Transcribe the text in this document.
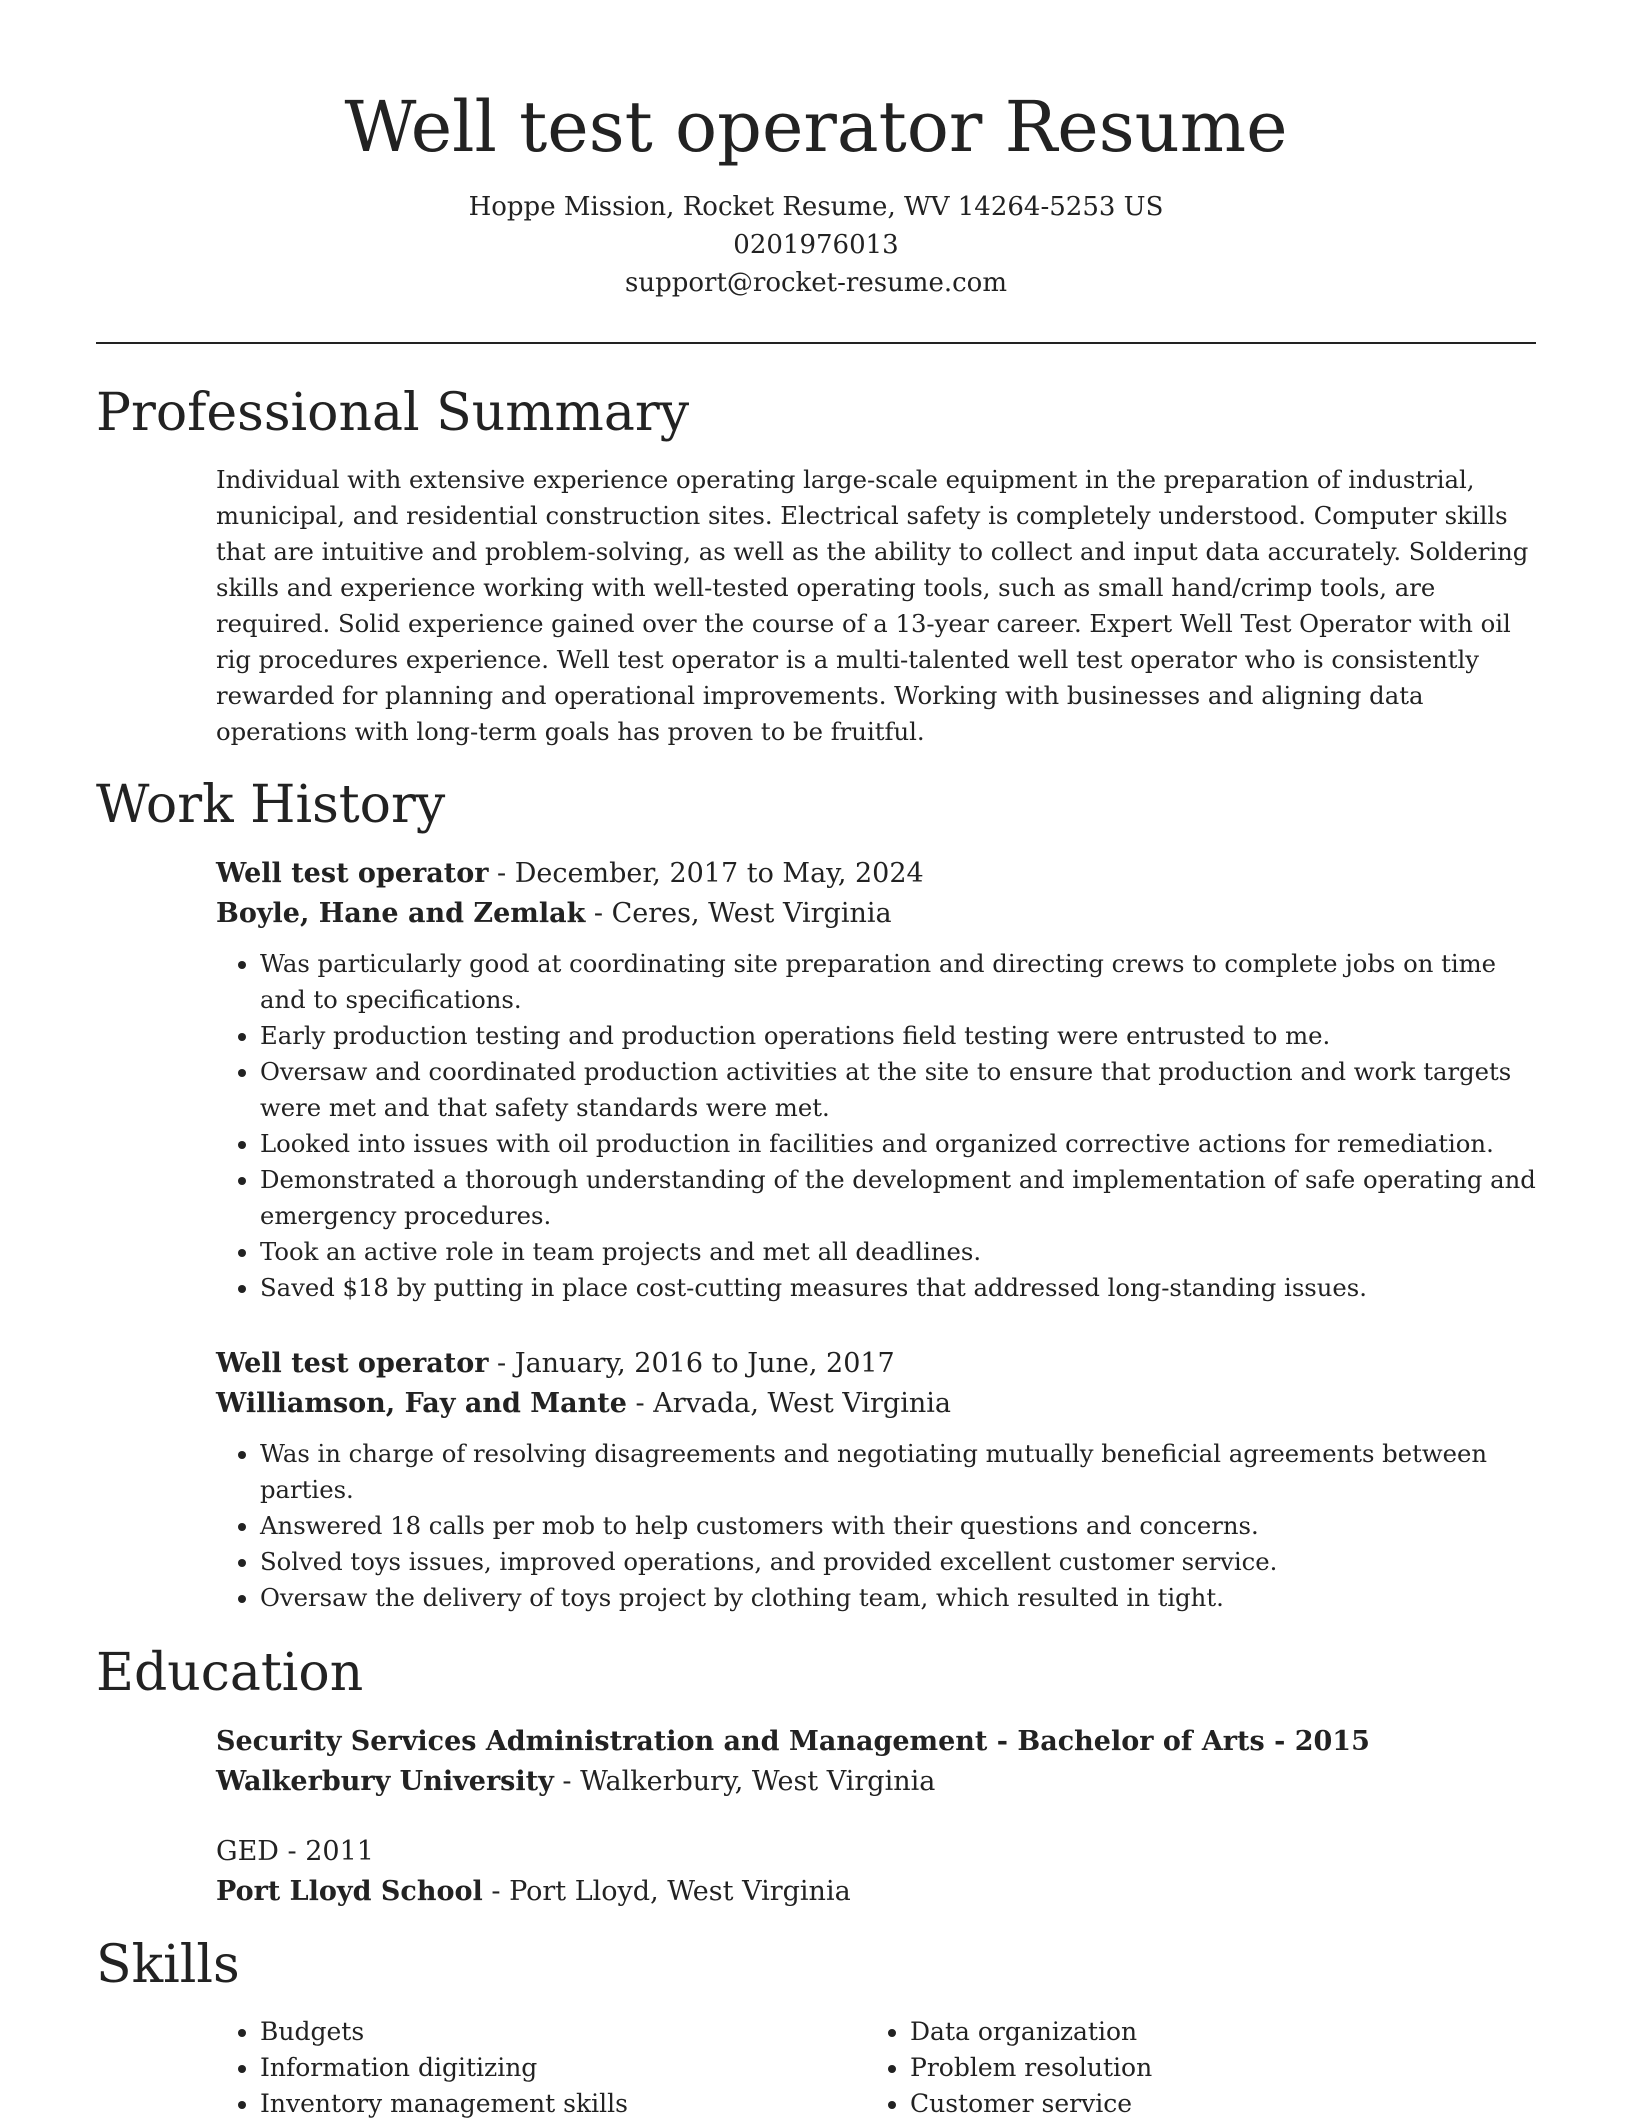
Well test operator Resume
Hoppe Mission, Rocket Resume, WV 14264-5253 US
0201976013
support@rocket-resume.com
Professional Summary

Individual with extensive experience operating large-scale equipment in the preparation of industrial, municipal, and residential construction sites. Electrical safety is completely understood. Computer skills that are intuitive and problem-solving, as well as the ability to collect and input data accurately. Soldering skills and experience working with well-tested operating tools, such as small hand/crimp tools, are required. Solid experience gained over the course of a 13-year career. Expert Well Test Operator with oil rig procedures experience. Well test operator is a multi-talented well test operator who is consistently rewarded for planning and operational improvements. Working with businesses and aligning data operations with long-term goals has proven to be fruitful.

Work History
Well test operator - December, 2017 to May, 2024
Boyle, Hane and Zemlak - Ceres, West Virginia
• Was particularly good at coordinating site preparation and directing crews to complete jobs on time and to specifications.
• Early production testing and production operations field testing were entrusted to me.
• Oversaw and coordinated production activities at the site to ensure that production and work targets were met and that safety standards were met.
• Looked into issues with oil production in facilities and organized corrective actions for remediation.
• Demonstrated a thorough understanding of the development and implementation of safe operating and emergency procedures.
• Took an active role in team projects and met all deadlines.
• Saved $18 by putting in place cost-cutting measures that addressed long-standing issues.
Well test operator - January, 2016 to June, 2017
Williamson, Fay and Mante - Arvada, West Virginia
• Was in charge of resolving disagreements and negotiating mutually beneficial agreements between parties.
• Answered 18 calls per mob to help customers with their questions and concerns.
• Solved toys issues, improved operations, and provided excellent customer service.
• Oversaw the delivery of toys project by clothing team, which resulted in tight.
Education
Security Services Administration and Management - Bachelor of Arts - 2015
Walkerbury University - Walkerbury, West Virginia
GED - 2011
Port Lloyd School - Port Lloyd, West Virginia
Skills
• Budgets
• Information digitizing
• Inventory management skills
• Data organization
• Problem resolution
• Customer service
